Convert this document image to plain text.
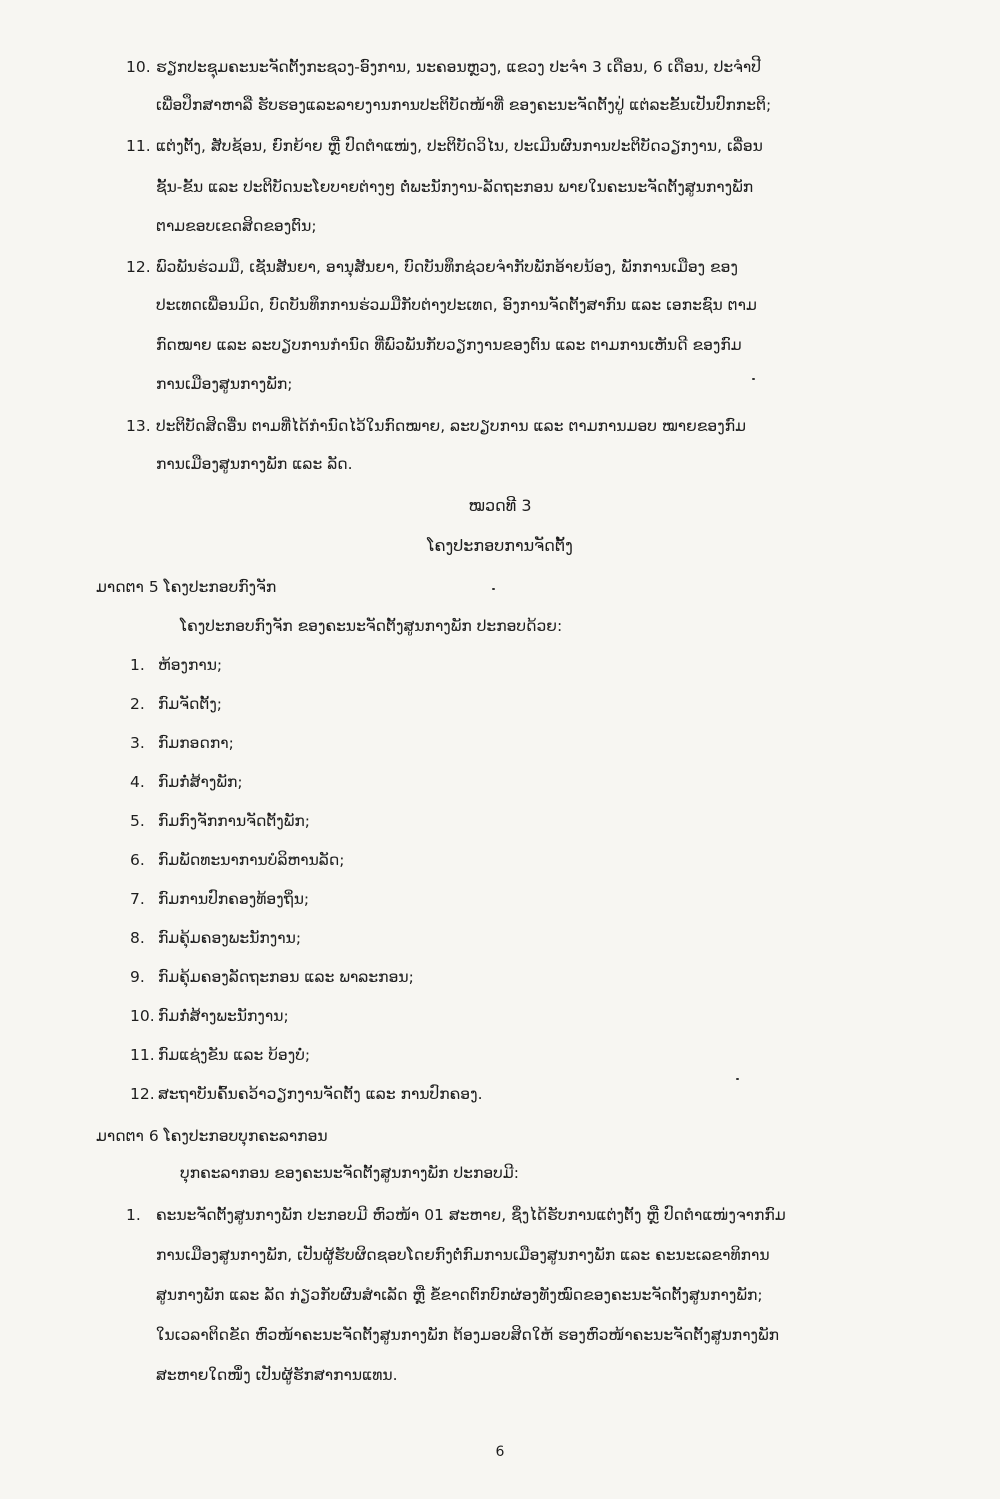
10. ຮຽກປະຊຸມຄະນະຈັດຕັ້ງກະຊວງ-ອົງການ, ນະຄອນຫຼວງ, ແຂວງ ປະຈຳ 3 ເດືອນ, 6 ເດືອນ, ປະຈຳປີ
ເພື່ອປຶກສາຫາລື ຮັບຮອງແລະລາຍງານການປະຕິບັດໜ້າທີ່ ຂອງຄະນະຈັດຕັ້ງປູ່ ແຕ່ລະຂັ້ນເປັນປົກກະຕິ;
11. ແຕ່ງຕັ້ງ, ສັບຊ້ອນ, ຍົກຍ້າຍ ຫຼື ປົດຕຳແໜ່ງ, ປະຕິບັດວິໄນ, ປະເມີນຜົນການປະຕິບັດວຽກງານ, ເລື່ອນ
ຊັ້ນ-ຂັ້ນ ແລະ ປະຕິບັດນະໂຍບາຍຕ່າງໆ ຕໍ່ພະນັກງານ-ລັດຖະກອນ ພາຍໃນຄະນະຈັດຕັ້ງສູນກາງພັກ
ຕາມຂອບເຂດສິດຂອງຕົນ;
12. ພົວພັນຮ່ວມມື, ເຊັນສັນຍາ, ອານຸສັນຍາ, ບົດບັນທຶກຊ່ວຍຈຳກັບພັກອ້າຍນ້ອງ, ພັກການເມືອງ ຂອງ
ປະເທດເພື່ອນມິດ, ບົດບັນທຶກການຮ່ວມມືກັບຕ່າງປະເທດ, ອົງການຈັດຕັ້ງສາກົນ ແລະ ເອກະຊົນ ຕາມ
ກົດໝາຍ ແລະ ລະບຽບການກຳນົດ ທີ່ພົວພັນກັບວຽກງານຂອງຕົນ ແລະ ຕາມການເຫັນດີ ຂອງກົມ
ການເມືອງສູນກາງພັກ;
13. ປະຕິບັດສິດອື່ນ ຕາມທີ່ໄດ້ກຳນົດໄວ້ໃນກົດໝາຍ, ລະບຽບການ ແລະ ຕາມການມອບ ໝາຍຂອງກົມ
ການເມືອງສູນກາງພັກ ແລະ ລັດ.
ໝວດທີ 3
ໂຄງປະກອບການຈັດຕັ້ງ
ມາດຕາ 5 ໂຄງປະກອບກົງຈັກ
ໂຄງປະກອບກົງຈັກ ຂອງຄະນະຈັດຕັ້ງສູນກາງພັກ ປະກອບດ້ວຍ:
1. ຫ້ອງການ;
2. ກົມຈັດຕັ້ງ;
3. ກົມກອດກາ;
4. ກົມກໍ່ສ້າງພັກ;
5. ກົມກົງຈັກການຈັດຕັ້ງພັກ;
6. ກົມພັດທະນາການບໍລິຫານລັດ;
7. ກົມການປົກຄອງທ້ອງຖິ່ນ;
8. ກົມຄຸ້ມຄອງພະນັກງານ;
9. ກົມຄຸ້ມຄອງລັດຖະກອນ ແລະ ພາລະກອນ;
10. ກົມກໍ່ສ້າງພະນັກງານ;
11. ກົມແຊ່ງຂັນ ແລະ ບ້ອງບໍ່;
12. ສະຖາບັນຄົ້ນຄວ້າວຽກງານຈັດຕັ້ງ ແລະ ການປົກຄອງ.
ມາດຕາ 6 ໂຄງປະກອບບຸກຄະລາກອນ
ບຸກຄະລາກອນ ຂອງຄະນະຈັດຕັ້ງສູນກາງພັກ ປະກອບມີ:
1. ຄະນະຈັດຕັ້ງສູນກາງພັກ ປະກອບມີ ຫົວໜ້າ 01 ສະຫາຍ, ຊຶ່ງໄດ້ຮັບການແຕ່ງຕັ້ງ ຫຼື ປົດຕຳແໜ່ງຈາກກົມ
ການເມືອງສູນກາງພັກ, ເປັນຜູ້ຮັບຜິດຊອບໂດຍກົງຕໍ່ກົມການເມືອງສູນກາງພັກ ແລະ ຄະນະເລຂາທິການ
ສູນກາງພັກ ແລະ ລັດ ກ່ຽວກັບຜົນສຳເລັດ ຫຼື ຂໍ້ຂາດຕົກບົກຜ່ອງທັງໝົດຂອງຄະນະຈັດຕັ້ງສູນກາງພັກ;
ໃນເວລາຕິດຂັດ ຫົວໜ້າຄະນະຈັດຕັ້ງສູນກາງພັກ ຕ້ອງມອບສິດໃຫ້ ຮອງຫົວໜ້າຄະນະຈັດຕັ້ງສູນກາງພັກ
ສະຫາຍໃດໜຶ່ງ ເປັນຜູ້ຮັກສາການແທນ.
6
